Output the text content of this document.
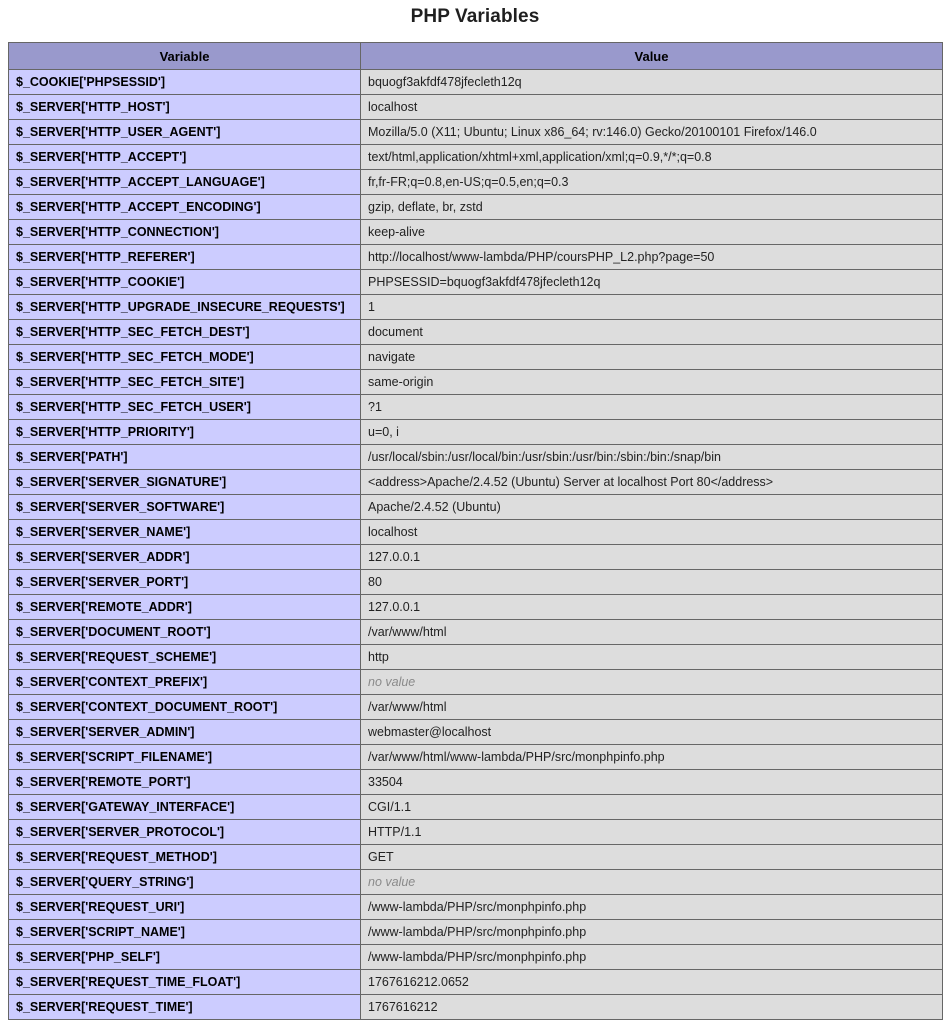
PHP Variables
Variable	Value
$_COOKIE['PHPSESSID']	bquogf3akfdf478jfecleth12q
$_SERVER['HTTP_HOST']	localhost
$_SERVER['HTTP_USER_AGENT']	Mozilla/5.0 (X11; Ubuntu; Linux x86_64; rv:146.0) Gecko/20100101 Firefox/146.0
$_SERVER['HTTP_ACCEPT']	text/html,application/xhtml+xml,application/xml;q=0.9,*/*;q=0.8
$_SERVER['HTTP_ACCEPT_LANGUAGE']	fr,fr-FR;q=0.8,en-US;q=0.5,en;q=0.3
$_SERVER['HTTP_ACCEPT_ENCODING']	gzip, deflate, br, zstd
$_SERVER['HTTP_CONNECTION']	keep-alive
$_SERVER['HTTP_REFERER']	http://localhost/www-lambda/PHP/coursPHP_L2.php?page=50
$_SERVER['HTTP_COOKIE']	PHPSESSID=bquogf3akfdf478jfecleth12q
$_SERVER['HTTP_UPGRADE_INSECURE_REQUESTS']	1
$_SERVER['HTTP_SEC_FETCH_DEST']	document
$_SERVER['HTTP_SEC_FETCH_MODE']	navigate
$_SERVER['HTTP_SEC_FETCH_SITE']	same-origin
$_SERVER['HTTP_SEC_FETCH_USER']	?1
$_SERVER['HTTP_PRIORITY']	u=0, i
$_SERVER['PATH']	/usr/local/sbin:/usr/local/bin:/usr/sbin:/usr/bin:/sbin:/bin:/snap/bin
$_SERVER['SERVER_SIGNATURE']	<address>Apache/2.4.52 (Ubuntu) Server at localhost Port 80</address>
$_SERVER['SERVER_SOFTWARE']	Apache/2.4.52 (Ubuntu)
$_SERVER['SERVER_NAME']	localhost
$_SERVER['SERVER_ADDR']	127.0.0.1
$_SERVER['SERVER_PORT']	80
$_SERVER['REMOTE_ADDR']	127.0.0.1
$_SERVER['DOCUMENT_ROOT']	/var/www/html
$_SERVER['REQUEST_SCHEME']	http
$_SERVER['CONTEXT_PREFIX']	no value
$_SERVER['CONTEXT_DOCUMENT_ROOT']	/var/www/html
$_SERVER['SERVER_ADMIN']	webmaster@localhost
$_SERVER['SCRIPT_FILENAME']	/var/www/html/www-lambda/PHP/src/monphpinfo.php
$_SERVER['REMOTE_PORT']	33504
$_SERVER['GATEWAY_INTERFACE']	CGI/1.1
$_SERVER['SERVER_PROTOCOL']	HTTP/1.1
$_SERVER['REQUEST_METHOD']	GET
$_SERVER['QUERY_STRING']	no value
$_SERVER['REQUEST_URI']	/www-lambda/PHP/src/monphpinfo.php
$_SERVER['SCRIPT_NAME']	/www-lambda/PHP/src/monphpinfo.php
$_SERVER['PHP_SELF']	/www-lambda/PHP/src/monphpinfo.php
$_SERVER['REQUEST_TIME_FLOAT']	1767616212.0652
$_SERVER['REQUEST_TIME']	1767616212
